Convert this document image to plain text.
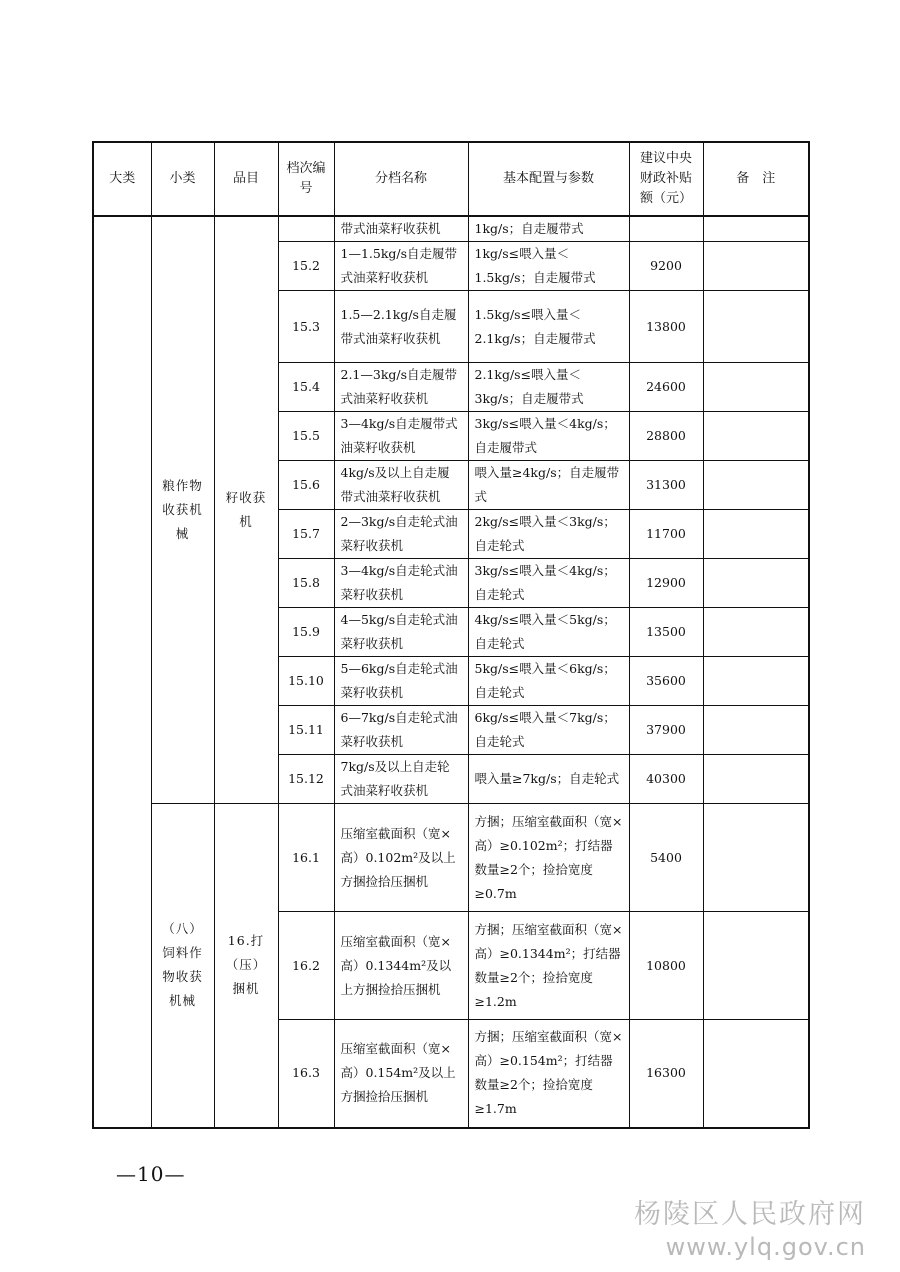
大类	小类	品目	档次编号	分档名称	基本配置与参数	建议中央财政补贴额（元）	备　注
	粮作物收获机械	籽收获机		带式油菜籽收获机	1kg/s；自走履带式		
			15.2	1—1.5kg/s自走履带式油菜籽收获机	1kg/s≤喂入量＜1.5kg/s；自走履带式	9200	
			15.3	1.5—2.1kg/s自走履带式油菜籽收获机	1.5kg/s≤喂入量＜2.1kg/s；自走履带式	13800	
			15.4	2.1—3kg/s自走履带式油菜籽收获机	2.1kg/s≤喂入量＜3kg/s；自走履带式	24600	
			15.5	3—4kg/s自走履带式油菜籽收获机	3kg/s≤喂入量＜4kg/s；自走履带式	28800	
			15.6	4kg/s及以上自走履带式油菜籽收获机	喂入量≥4kg/s；自走履带式	31300	
			15.7	2—3kg/s自走轮式油菜籽收获机	2kg/s≤喂入量＜3kg/s；自走轮式	11700	
			15.8	3—4kg/s自走轮式油菜籽收获机	3kg/s≤喂入量＜4kg/s；自走轮式	12900	
			15.9	4—5kg/s自走轮式油菜籽收获机	4kg/s≤喂入量＜5kg/s；自走轮式	13500	
			15.10	5—6kg/s自走轮式油菜籽收获机	5kg/s≤喂入量＜6kg/s；自走轮式	35600	
			15.11	6—7kg/s自走轮式油菜籽收获机	6kg/s≤喂入量＜7kg/s；自走轮式	37900	
			15.12	7kg/s及以上自走轮式油菜籽收获机	喂入量≥7kg/s；自走轮式	40300	
	（八）饲料作物收获机械	16.打（压）捆机	16.1	压缩室截面积（宽×高）0.102m²及以上方捆捡拾压捆机	方捆；压缩室截面积（宽×高）≥0.102m²；打结器数量≥2个；捡拾宽度≥0.7m	5400	
			16.2	压缩室截面积（宽×高）0.1344m²及以上方捆捡拾压捆机	方捆；压缩室截面积（宽×高）≥0.1344m²；打结器数量≥2个；捡拾宽度≥1.2m	10800	
			16.3	压缩室截面积（宽×高）0.154m²及以上方捆捡拾压捆机	方捆；压缩室截面积（宽×高）≥0.154m²；打结器数量≥2个；捡拾宽度≥1.7m	16300	
—10—
杨陵区人民政府网
www.ylq.gov.cn
